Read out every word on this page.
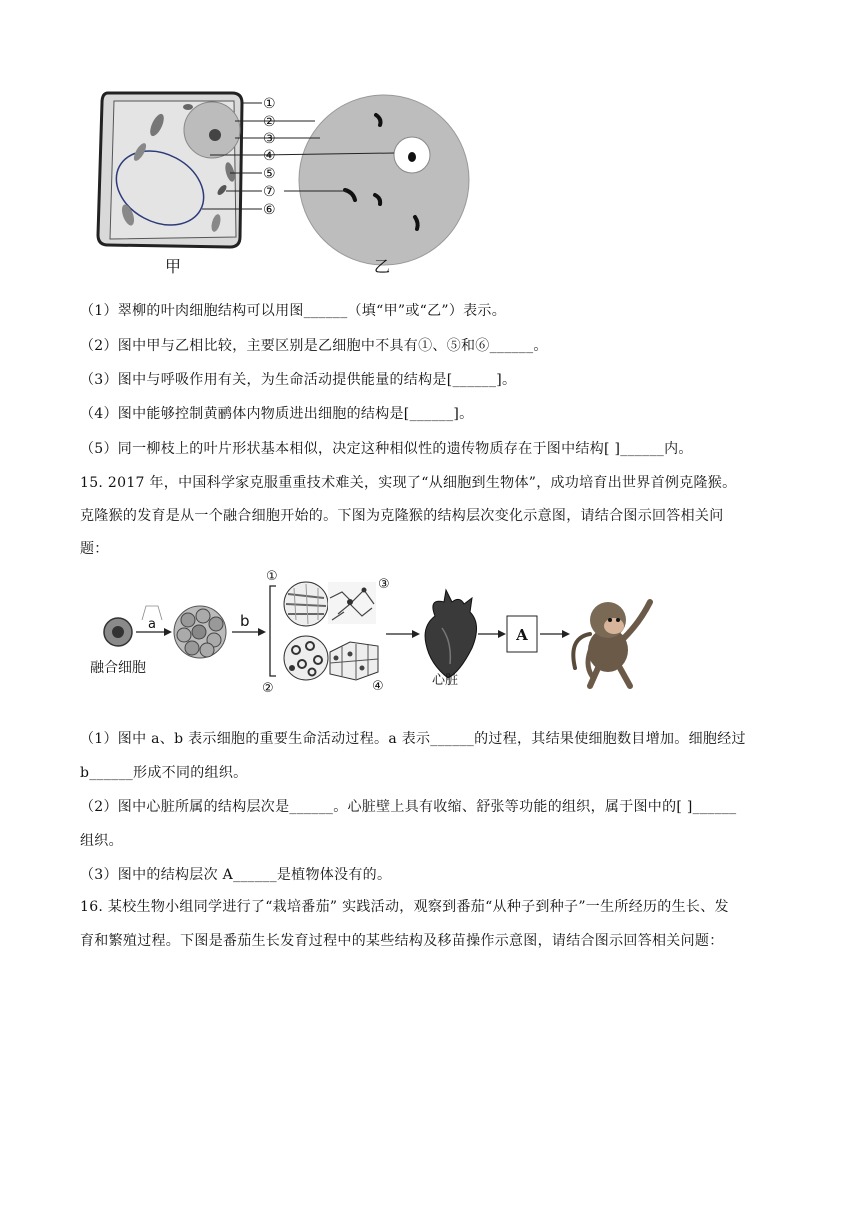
①
②
③
④
⑤
⑦
⑥
甲	乙
（1）翠柳的叶肉细胞结构可以用图______（填“甲”或“乙”）表示。
（2）图中甲与乙相比较，主要区别是乙细胞中不具有①、⑤和⑥______。
（3）图中与呼吸作用有关，为生命活动提供能量的结构是[______]。
（4）图中能够控制黄鹂体内物质进出细胞的结构是[______]。
（5）同一柳枝上的叶片形状基本相似，决定这种相似性的遗传物质存在于图中结构[ ]______内。
15. 2017 年，中国科学家克服重重技术难关，实现了“从细胞到生物体”，成功培育出世界首例克隆猴。
克隆猴的发育是从一个融合细胞开始的。下图为克隆猴的结构层次变化示意图，请结合图示回答相关问
题：
融合细胞
a	b
①
③
②	④	心脏
A
（1）图中 a、b 表示细胞的重要生命活动过程。a 表示______的过程，其结果使细胞数目增加。细胞经过
b______形成不同的组织。
（2）图中心脏所属的结构层次是______。心脏壁上具有收缩、舒张等功能的组织，属于图中的[ ]______
组织。
（3）图中的结构层次 A______是植物体没有的。
16. 某校生物小组同学进行了“栽培番茄” 实践活动，观察到番茄“从种子到种子”一生所经历的生长、发
育和繁殖过程。下图是番茄生长发育过程中的某些结构及移苗操作示意图，请结合图示回答相关问题：
